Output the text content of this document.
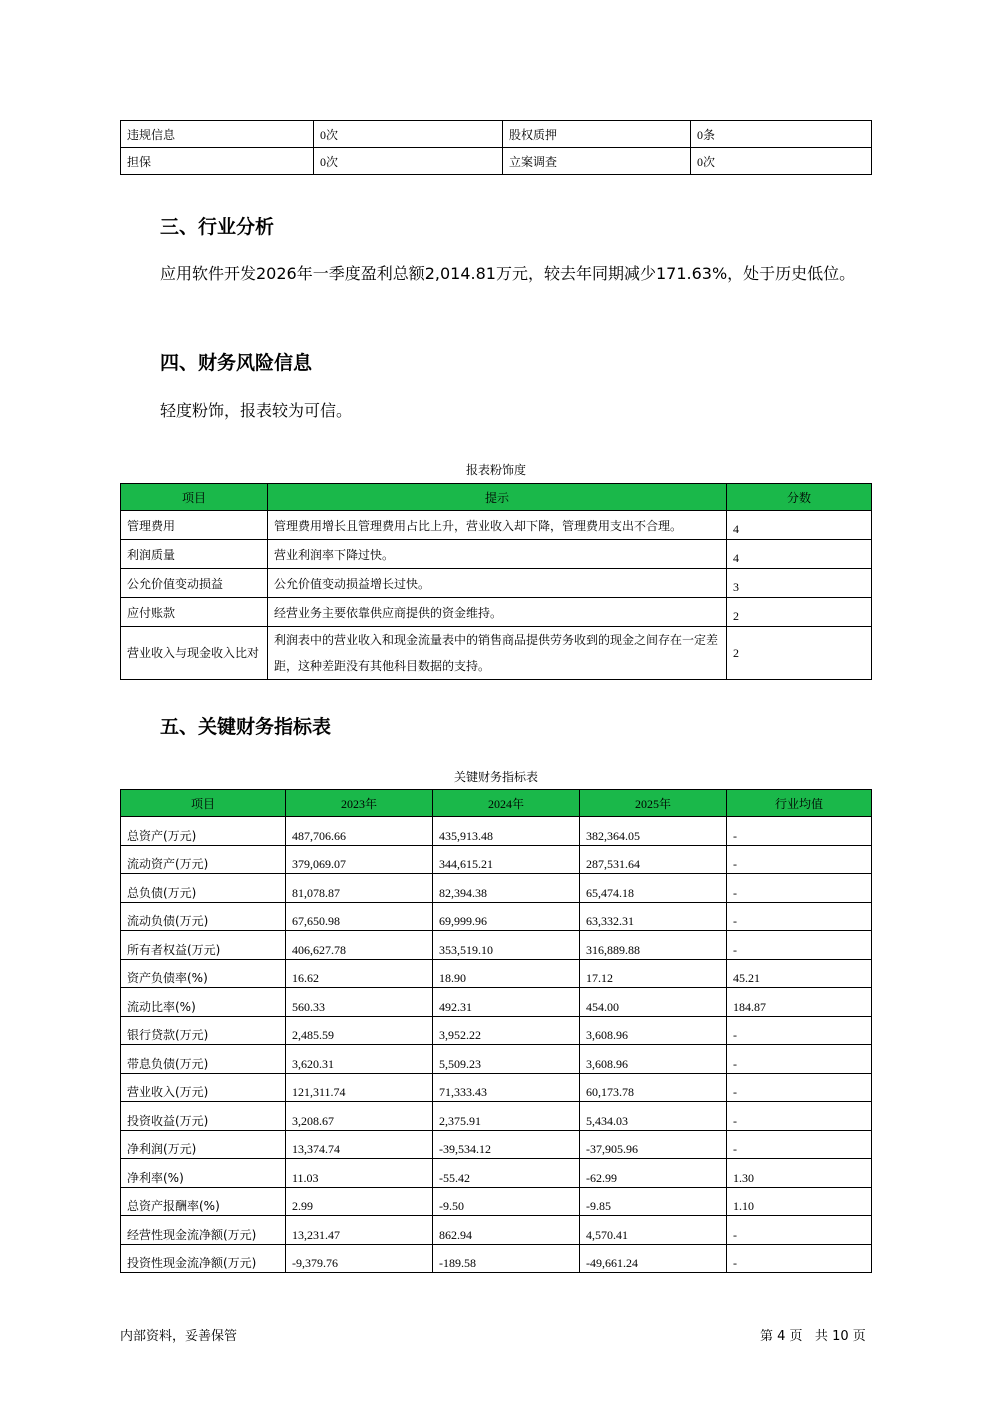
违规信息	0次	股权质押	0条
担保	0次	立案调查	0次
三、行业分析

应用软件开发2026年一季度盈利总额2,014.81万元，较去年同期减少171.63%，处于历史低位。

四、财务风险信息

轻度粉饰，报表较为可信。

报表粉饰度
项目	提示	分数
管理费用	管理费用增长且管理费用占比上升，营业收入却下降，管理费用支出不合理。	4
利润质量	营业利润率下降过快。	4
公允价值变动损益	公允价值变动损益增长过快。	3
应付账款	经营业务主要依靠供应商提供的资金维持。	2
营业收入与现金收入比对	利润表中的营业收入和现金流量表中的销售商品提供劳务收到的现金之间存在一定差距，这种差距没有其他科目数据的支持。	2
五、关键财务指标表
关键财务指标表
项目	2023年	2024年	2025年	行业均值
总资产(万元)	487,706.66	435,913.48	382,364.05	-
流动资产(万元)	379,069.07	344,615.21	287,531.64	-
总负债(万元)	81,078.87	82,394.38	65,474.18	-
流动负债(万元)	67,650.98	69,999.96	63,332.31	-
所有者权益(万元)	406,627.78	353,519.10	316,889.88	-
资产负债率(%)	16.62	18.90	17.12	45.21
流动比率(%)	560.33	492.31	454.00	184.87
银行贷款(万元)	2,485.59	3,952.22	3,608.96	-
带息负债(万元)	3,620.31	5,509.23	3,608.96	-
营业收入(万元)	121,311.74	71,333.43	60,173.78	-
投资收益(万元)	3,208.67	2,375.91	5,434.03	-
净利润(万元)	13,374.74	-39,534.12	-37,905.96	-
净利率(%)	11.03	-55.42	-62.99	1.30
总资产报酬率(%)	2.99	-9.50	-9.85	1.10
经营性现金流净额(万元)	13,231.47	862.94	4,570.41	-
投资性现金流净额(万元)	-9,379.76	-189.58	-49,661.24	-
内部资料，妥善保管	第 4 页   共 10 页
